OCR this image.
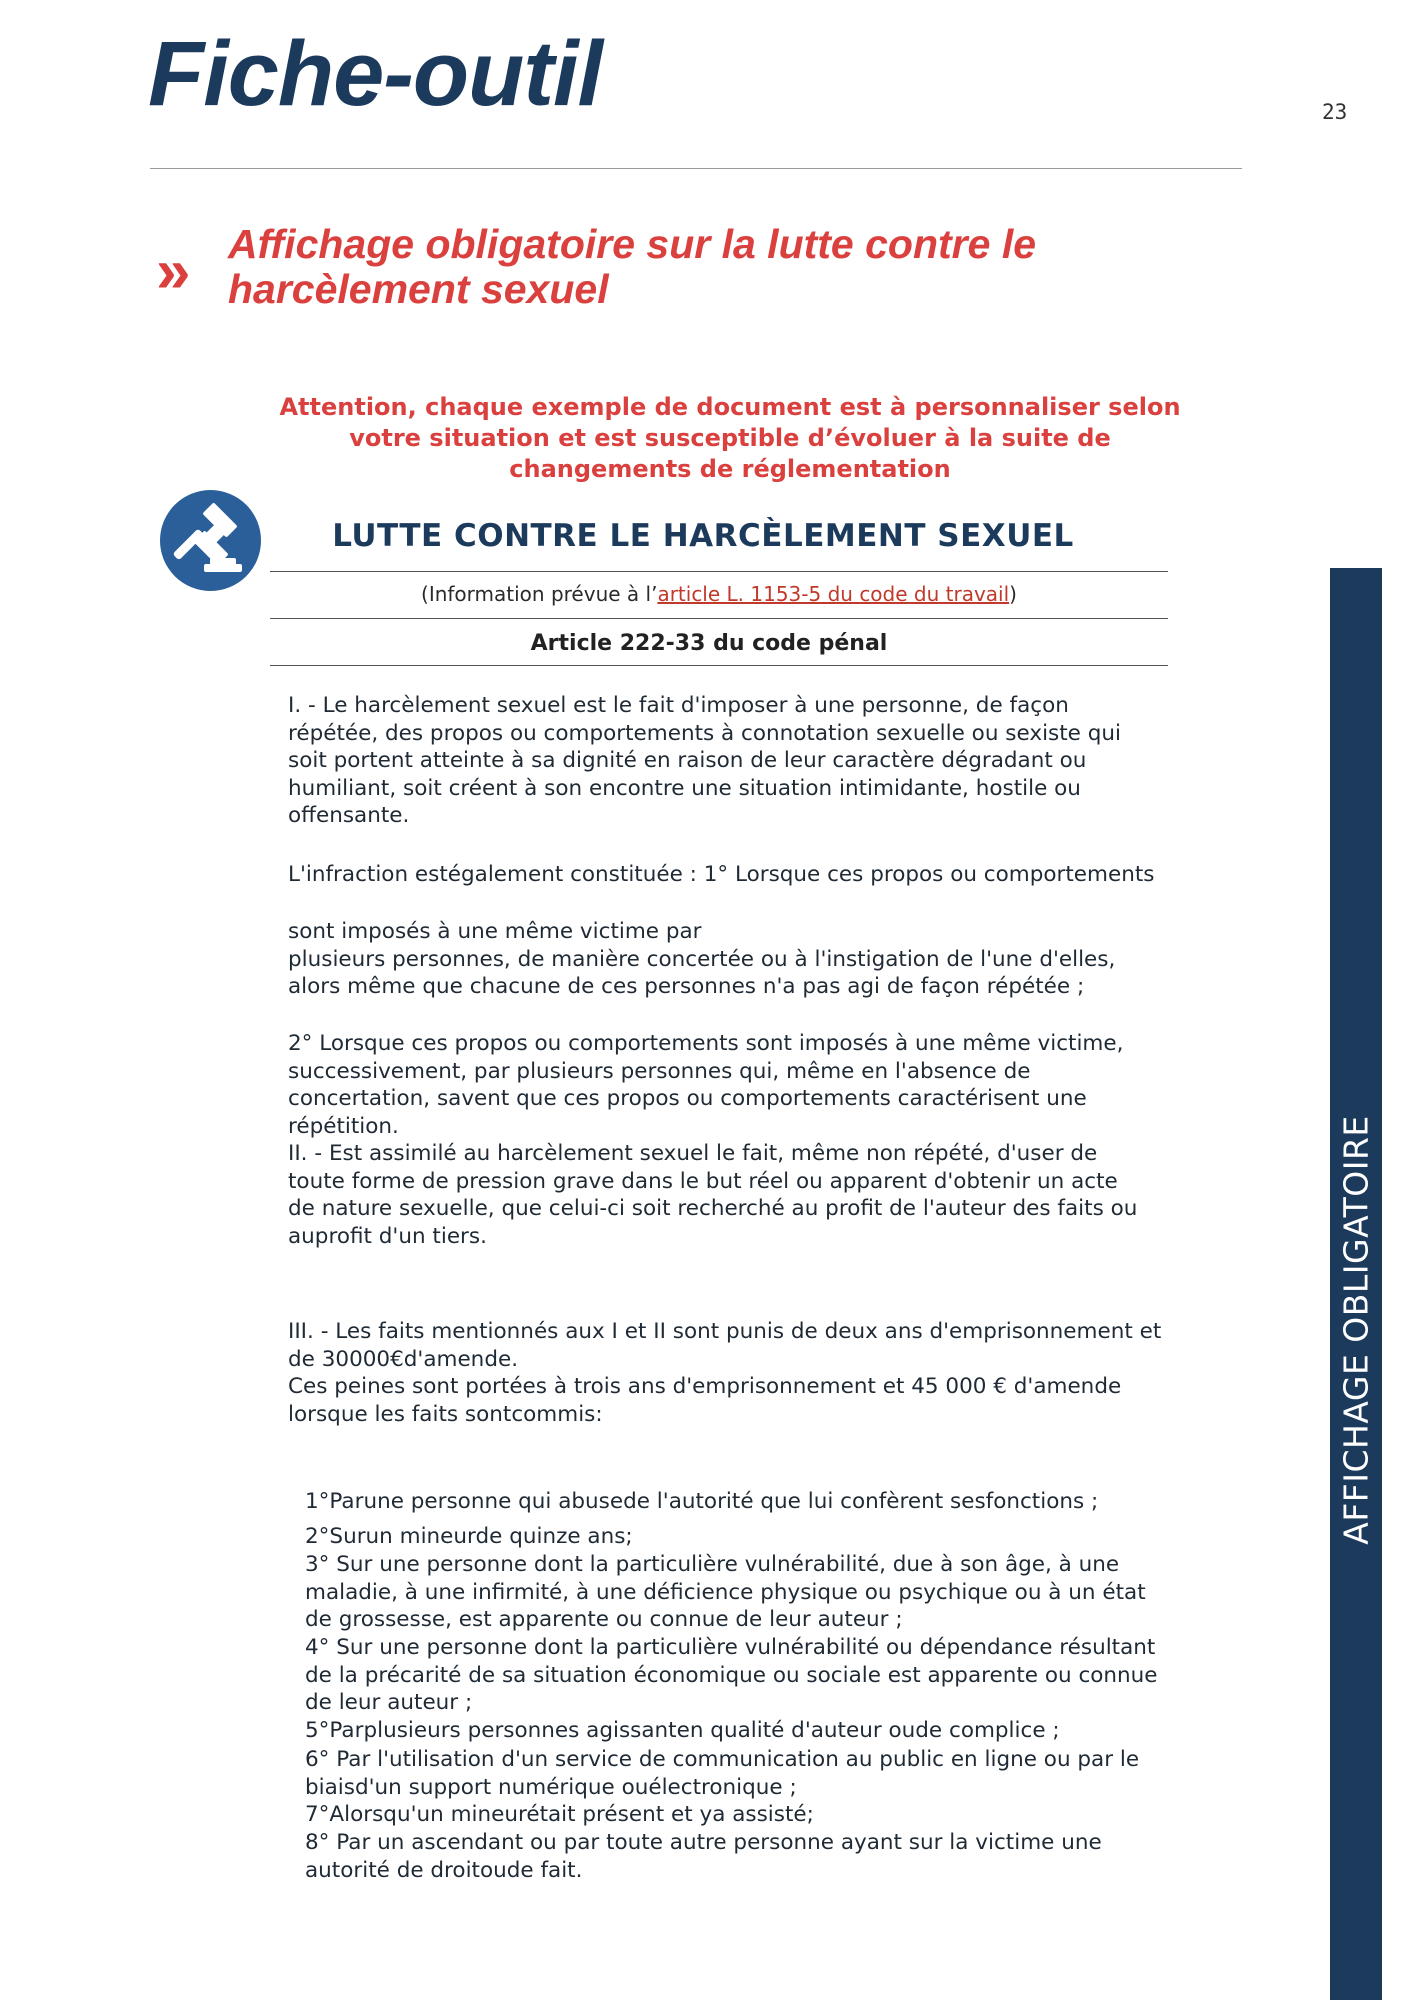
Fiche-outil	23
» Affichage obligatoire sur la lutte contre le harcèlement sexuel
Attention, chaque exemple de document est à personnaliser selon votre situation et est susceptible d’évoluer à la suite de changements de réglementation
LUTTE CONTRE LE HARCÈLEMENT SEXUEL
(Information prévue à l’article L. 1153-5 du code du travail)
Article 222-33 du code pénal
I. - Le harcèlement sexuel est le fait d'imposer à une personne, de façon
répétée, des propos ou comportements à connotation sexuelle ou sexiste qui
soit portent atteinte à sa dignité en raison de leur caractère dégradant ou
humiliant, soit créent à son encontre une situation intimidante, hostile ou
offensante.
L'infraction estégalement constituée : 1° Lorsque ces propos ou comportements
sont imposés à une même victime par
plusieurs personnes, de manière concertée ou à l'instigation de l'une d'elles,
alors même que chacune de ces personnes n'a pas agi de façon répétée ;
2° Lorsque ces propos ou comportements sont imposés à une même victime,
successivement, par plusieurs personnes qui, même en l'absence de
concertation, savent que ces propos ou comportements caractérisent une
répétition.
II. - Est assimilé au harcèlement sexuel le fait, même non répété, d'user de
toute forme de pression grave dans le but réel ou apparent d'obtenir un acte
de nature sexuelle, que celui-ci soit recherché au profit de l'auteur des faits ou
auprofit d'un tiers.
III. - Les faits mentionnés aux I et II sont punis de deux ans d'emprisonnement et
de 30000€d'amende.
Ces peines sont portées à trois ans d'emprisonnement et 45 000 € d'amende
lorsque les faits sontcommis:
1°Parune personne qui abusede l'autorité que lui confèrent sesfonctions ;
2°Surun mineurde quinze ans;
3° Sur une personne dont la particulière vulnérabilité, due à son âge, à une
maladie, à une infirmité, à une déficience physique ou psychique ou à un état
de grossesse, est apparente ou connue de leur auteur ;
4° Sur une personne dont la particulière vulnérabilité ou dépendance résultant
de la précarité de sa situation économique ou sociale est apparente ou connue
de leur auteur ;
5°Parplusieurs personnes agissanten qualité d'auteur oude complice ;
6° Par l'utilisation d'un service de communication au public en ligne ou par le
biaisd'un support numérique ouélectronique ;
7°Alorsqu'un mineurétait présent et ya assisté;
8° Par un ascendant ou par toute autre personne ayant sur la victime une
autorité de droitoude fait.
AFFICHAGE OBLIGATOIRE
